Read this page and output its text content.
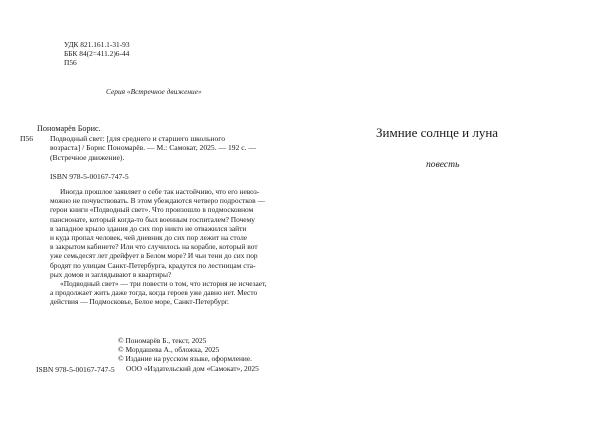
УДК 821.161.1-31-93
ББК 84(2=411.2)6-44
П56
Серия «Встречное движение»
Пономарёв Борис.
П56 Подводный свет: [для среднего и старшего школьного
возраста] / Борис Пономарёв. — М.: Самокат, 2025. — 192 с. —
(Встречное движение).
ISBN 978-5-00167-747-5
Иногда прошлое заявляет о себе так настойчиво, что его невоз-
можно не почувствовать. В этом убеждаются четверо подростков —
герои книги «Подводный свет». Что произошло в подмосковном
пансионате, который когда-то был военным госпиталем? Почему
в западное крыло здания до сих пор никто не отважился зайти
и куда пропал человек, чей дневник до сих пор лежит на столе
в закрытом кабинете? Или что случилось на корабле, который вот
уже семьдесят лет дрейфует в Белом море? И чьи тени до сих пор
бродят по улицам Санкт-Петербурга, крадутся по лестницам ста-
рых домов и заглядывают в квартиры?
«Подводный свет» — три повести о том, что история не исчезает,
а продолжает жить даже тогда, когда героев уже давно нет. Место
действия — Подмосковье, Белое море, Санкт-Петербург.
© Пономарёв Б., текст, 2025
© Мордашева А., обложка, 2025
© Издание на русском языке, оформление.
ООО «Издательский дом «Самокат», 2025
ISBN 978-5-00167-747-5
Зимние солнце и луна
повесть
